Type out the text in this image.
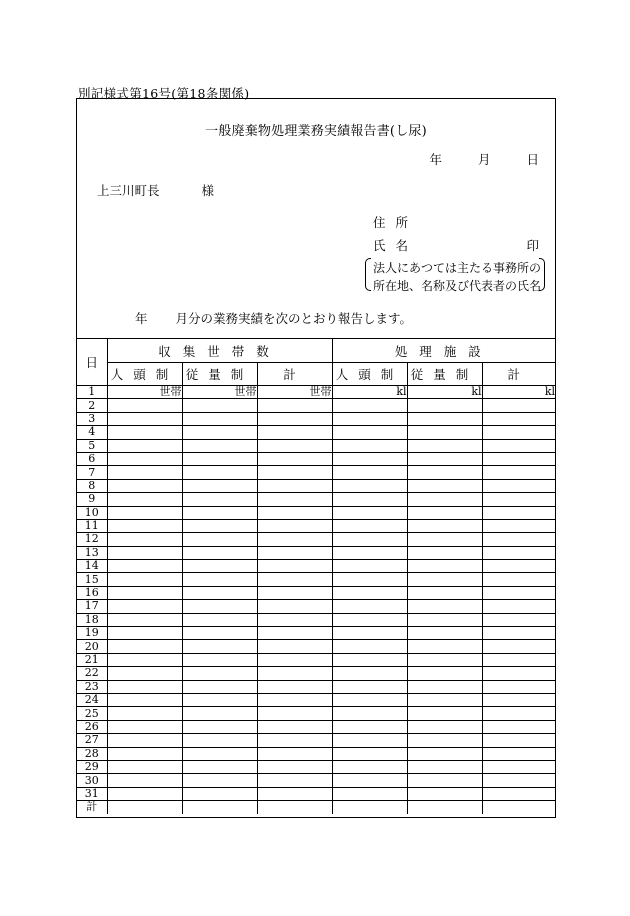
別記様式第16号(第18条関係)
一般廃棄物処理業務実績報告書(し尿)
年	月	日
上三川町長	様
住所
氏名	印
法人にあつては主たる事務所の
所在地、名称及び代表者の氏名
年 月分の業務実績を次のとおり報告します。
日	収集世帯数			処理施設		
	人頭制	従量制	計	人頭制	従量制	計
1	世帯	世帯	世帯	kl	kl	kl
2						
3						
4						
5						
6						
7						
8						
9						
10						
11						
12						
13						
14						
15						
16						
17						
18						
19						
20						
21						
22						
23						
24						
25						
26						
27						
28						
29						
30						
31						
計						
